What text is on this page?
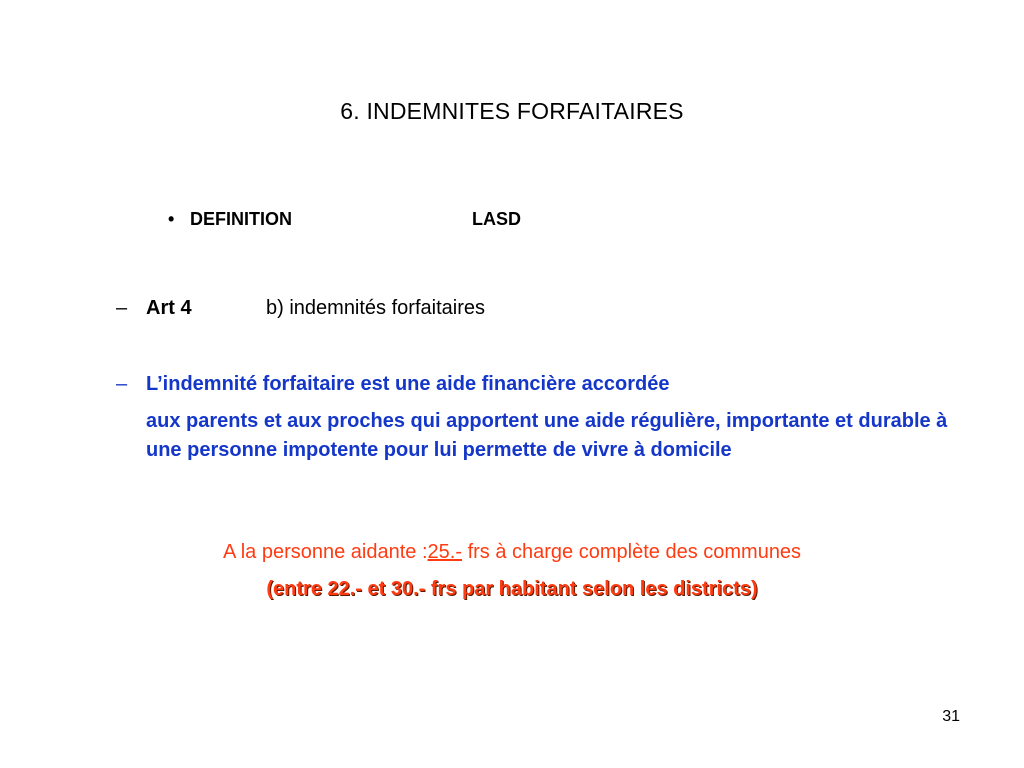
6. INDEMNITES FORFAITAIRES
• DEFINITION	LASD
– Art 4	b) indemnités forfaitaires
– L’indemnité forfaitaire est une aide financière accordée
aux parents et aux proches qui apportent une aide régulière, importante et durable à une personne impotente pour lui permette de vivre à domicile
A la personne aidante :25.- frs à charge complète des communes
(entre 22.- et 30.- frs par habitant selon les districts)
31
